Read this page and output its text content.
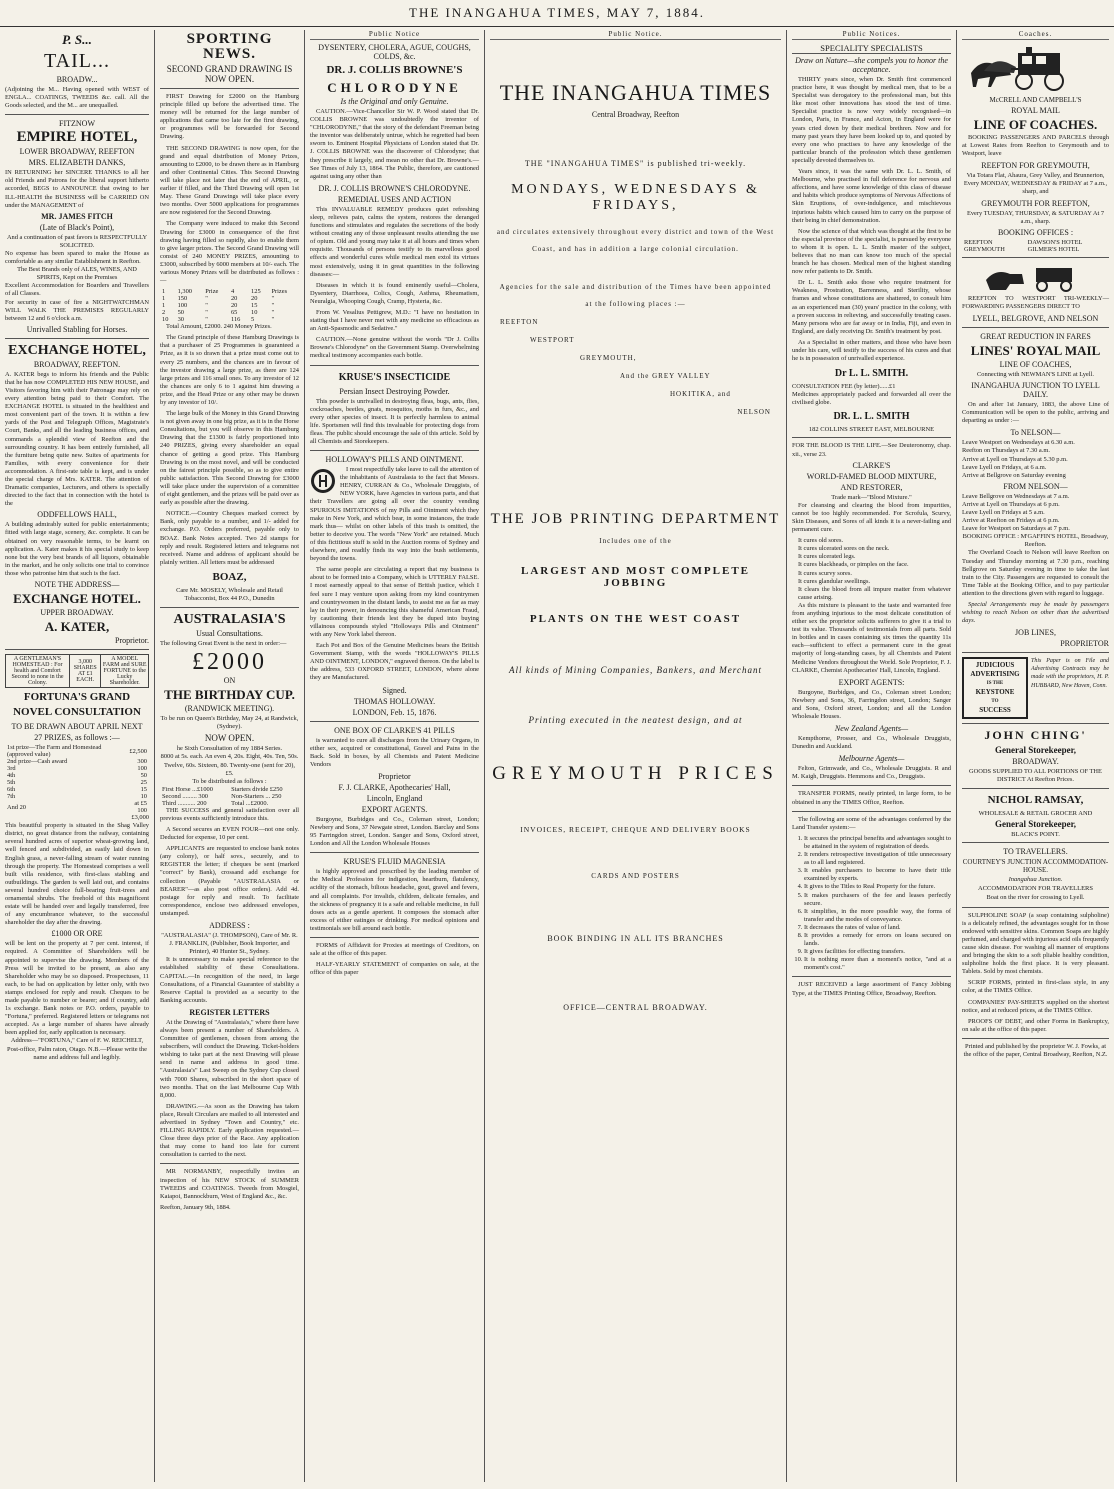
THE INANGAHUA TIMES, MAY 7, 1884.
P. S...
TAIL...
BROADW...
(Adjoining the M... Having opened with WEST of ENGLA... COATINGS, TWEEDS &c. call. All the Goods selected, and the M... are unequalled.
FITZNOW
EMPIRE HOTEL,
LOWER BROADWAY, REEFTON
MRS. ELIZABETH DANKS,
IN RETURNING her SINCERE THANKS to all her old Friends and Patrons for the liberal support hitherto accorded, BEGS to ANNOUNCE that owing to her ILL-HEALTH the BUSINESS will be CARRIED ON under the MANAGEMENT of
MR. JAMES FITCH
(Late of Black's Point),
And a continuation of past favors is RESPECTFULLY SOLICITED.
No expense has been spared to make the House as comfortable as any similar Establishment in Reefton.
The Best Brands only of ALES, WINES, AND SPIRITS, Kept on the Premises
Excellent Accommodation for Boarders and Travellers of all Classes.
For security in case of fire a NIGHTWATCHMAN WILL WALK THE PREMISES REGULARLY between 12 and 6 o'clock a.m.
Unrivalled Stabling for Horses.
EXCHANGE HOTEL,
BROADWAY, REEFTON.
A. KATER begs to inform his friends and the Public that he has now COMPLETED HIS NEW HOUSE, and Visitors favoring him with their Patronage may rely on every attention being paid to their Comfort. The EXCHANGE HOTEL is situated in the healthiest and most convenient part of the town. It is within a few yards of the Post and Telegraph Offices, Magistrate's Court, Banks, and all the leading business offices, and commands a splendid view of Reefton and the surrounding country. It has been entirely furnished, all the furniture being quite new. Suites of apartments for Families, with every convenience for their accommodation. A first-rate table is kept, and is under the special charge of Mrs. KATER. The attention of Dramatic companies, Lecturers, and others is specially directed to the fact that in connection with the hotel is the
ODDFELLOWS HALL,
A building admirably suited for public entertainments; fitted with large stage, scenery, &c. complete. It can be obtained on very reasonable terms, to be learnt on application. A. Kater makes it his special study to keep none but the very best brands of all liquors, obtainable in the market, and he only solicits one trial to convince those who patronise him that such is the fact.
NOTE THE ADDRESS—
EXCHANGE HOTEL.
UPPER BROADWAY.
A. KATER,
Proprietor.
A GENTLEMAN'S HOMESTEAD : For health and Comfort Second to none in the Colony.	3,000 SHARES AT £1 EACH.	A MODEL FARM and SURE FORTUNE to the Lucky Shareholder.
FORTUNA'S GRAND NOVEL CONSULTATION
TO BE DRAWN ABOUT APRIL NEXT
27 PRIZES, as follows :—
1st prize—The Farm and Homestead (approved value)	£2,500
2nd prize—Cash award	300
3rd	100
4th	50
5th	25
6th	15
7th	10
And 20	at £5 100
£3,000
This beautiful property is situated in the Shag Valley district, no great distance from the railway, containing several hundred acres of superior wheat-growing land, well fenced and subdivided, an easily laid down in English grass, a never-falling stream of water running through the property. The Homestead comprises a well built villa residence, with first-class stabling and outbuildings. The garden is well laid out, and contains several hundred choice full-bearing fruit-trees and ornamental shrubs. The freehold of this magnificent estate will be handed over and legally transferred, free of any encumbrance whatever, to the successful shareholder the day after the drawing.
£1000 OR ORE
will be lent on the property at 7 per cent. interest, if required. A Committee of Shareholders will be appointed to supervise the drawing. Members of the Press will be invited to be present, as also any Shareholder who may be so disposed. Prospectuses, 11 each, to be had on application by letter only, with two stamps enclosed for reply and result. Cheques to be made payable to number or bearer; and if country, add 1s exchange. Bank notes or P.O. orders, payable to "Fortuna," preferred. Registered letters or telegrams not accepted. As a large number of shares have already been applied for, early application is necessary.
Address—"FORTUNA," Care of F. W. REICHELT, Post-office, Palm raton, Otago. N.B.—Please write the name and address full and legibly.
SPORTING NEWS.
SECOND GRAND DRAWING IS NOW OPEN.

FIRST Drawing for £2000 on the Hamburg principle filled up before the advertised time. The money will be returned for the large number of applications that came too late for the first drawing, or programmes will be forwarded for Second Drawing.

THE SECOND DRAWING is now open, for the grand and equal distribution of Money Prizes, amounting to £2000, to be drawn there as in Hamburg and other Continental Cities. This Second Drawing will take place not later that the end of APRIL, or earlier if filled, and the Third Drawing will open 1st May. These Grand Drawings will take place every two months. Over 5000 applications for programmes are now registered for the Second Drawing.

The Company were induced to make this Second Drawing for £3000 in consequence of the first drawing having filled so rapidly, also to enable them to give larger prizes. The Second Grand Drawing will consist of 240 MONEY PRIZES, amounting to £3000, subscribed by 6000 members at 10/- each. The various Money Prizes will be distributed as follows :—

1	1,300	Prize	4	125	Prizes
1	150	"	20	20	"
1	100	"	20	15	"
2	50	"	65	10	"
10	30	"	116	5	"

Total Amount, £2000. 240 Money Prizes.

The Grand principle of these Hamburg Drawings is that a purchaser of 25 Programmes is guaranteed a Prize, as it is so drawn that a prize must come out to every 25 numbers, and the chances are in favour of the investor drawing a large prize, as there are 124 large prizes and 116 small ones. To any investor of 12 the chances are only 6 to 1 against him drawing a prize, and the Head Prize or any other may be drawn by any investor of 10/.

The large bulk of the Money in this Grand Drawing is not given away in one big prize, as it is in the Horse Consultations, but you will observe in this Hamburg Drawing that the £1300 is fairly proportioned into 240 PRIZES, giving every shareholder an equal chance of getting a good prize. This Hamburg Drawing is on the most novel, and will be conducted on the fairest principle possible, so as to give entire public satisfaction. This Second Drawing for £3000 will take place under the supervision of a committee of eight gentlemen, and the prizes will be paid over as early as possible after the drawing.

NOTICE.—Country Cheques marked correct by Bank, only payable to a number, and 1/- added for exchange. P.O. Orders preferred, payable only to BOAZ. Bank Notes accepted. Two 2d stamps for reply and result. Registered letters and telegrams not received. Name and address of applicant should be plainly written. All letters must be addressed

BOAZ,
Care Mr. MOSELY, Wholesale and Retail Tobacconist, Box 44 P.O., Dunedin
AUSTRALASIA'S
Usual Consultations.
The following Great Event is the next in order:—
£2000
ON
THE BIRTHDAY CUP.
(RANDWICK MEETING).
To be run on Queen's Birthday, May 24, at Randwick, (Sydney).
NOW OPEN.
he Sixth Consultation of my 1884 Series.
8000 at 5s. each. An even 4, 20s. Eight, 40s. Ten, 50s. Twelve, 60s. Sixteen, 80. Twenty-one (sent for 20), £5.
To be distributed as follows :
First Horse ...£1000	Starters divide £250
Second ......... 300	Non-Starters ... 250
Third ........... 200	Total ...£2000.

THE SUCCESS and general satisfaction over all previous events sufficiently introduce this.

A Second secures an EVEN FOUR—not one only. Deducted for expense, 10 per cent.

APPLICANTS are requested to enclose bank notes (any colony), or half sovs., securely, and to REGISTER the letter; if cheques be sent (marked "correct" by Bank), crossand add exchange for collection (Payable "AUSTRALASIA or BEARER"—as also post office orders). Add 4d. postage for reply and result. To facilitate correspondence, enclose two addressed envelopes, unstamped.

ADDRESS :
"AUSTRALASIA" (J. THOMPSON), Care of Mr. R. J. FRANKLIN, (Publisher, Book Importer, and Printer), 40 Hunter St., Sydney.

It is unnecessary to make special reference to the established stability of these Consultations. CAPITAL.—In recognition of the need, in large Consultations, of a Financial Guarantee of stability a Reserve Capital is provided as a security to the Banking accounts.

REGISTER LETTERS

At the Drawing of "Australasia's," where there have always been present a number of Shareholders. A Committee of gentlemen, chosen from among the subscribers, will conduct the Drawing. Ticket-holders wishing to take part at the next Drawing will please send in name and address in good time. "Australasia's" Last Sweep on the Sydney Cup closed with 7000 Shares, subscribed in the short space of two months. That on the last Melbourne Cup With 8,000.

DRAWING.—As soon as the Drawing has taken place, Result Circulars are mailed to all interested and advertised in Sydney "Town and Country," etc. FILLING RAPIDLY. Early application requested.—Close three days prior of the Race. Any application that may come to hand too late for current consultation is carried to the next.

MR NORMANBY, respectfully invites an inspection of his NEW STOCK of SUMMER TWEEDS and COATINGS. Tweeds from Mosgiel, Kaiapoi, Bannockburn, West of England &c., &c.

Reefton, January 9th, 1884.
Public Notice
DYSENTERY, CHOLERA, AGUE, COUGHS, COLDS, &c.
DR. J. COLLIS BROWNE'S
CHLORODYNE
Is the Original and only Genuine.

CAUTION.—Vice-Chancellor Sir W. P. Wood stated that Dr. COLLIS BROWNE was undoubtedly the inventor of "CHLORODYNE," that the story of the defendant Freeman being the inventor was deliberately untrue, which he regretted had been sworn to. Eminent Hospital Physicians of London stated that Dr. J. COLLIS BROWNE was the discoverer of Chlorodyne; that they prescribe it largely, and mean no other that Dr. Browne's.—See Times of July 13, 1864. The Public, therefore, are cautioned against using any other than

DR. J. COLLIS BROWNE'S CHLORODYNE.
REMEDIAL USES AND ACTION

This INVALUABLE REMEDY produces quiet refreshing sleep, relieves pain, calms the system, restores the deranged functions and stimulates and regulates the secretions of the body without creating any of those unpleasant results attending the use of opium. Old and young may take it at all hours and times when requisite. Thousands of persons testify to its marvellous good effects and wonderful cures while medical men extol its virtues most extensively, using it in great quantities in the following diseases:—

Diseases in which it is found eminently useful—Cholera, Dysentery, Diarrhoea, Colics, Cough, Asthma, Rheumatism, Neuralgia, Whooping Cough, Cramp, Hysteria, &c.

From W. Vesalius Pettigrew, M.D.: "I have no hesitation in stating that I have never met with any medicine so efficacious as an Anti-Spasmodic and Sedative."

CAUTION.—None genuine without the words "Dr J. Collis Browne's Chlorodyne" on the Government Stamp. Overwhelming medical testimony accompanies each bottle.

KRUSE'S INSECTICIDE
Persian Insect Destroying Powder.

This powder is unrivalled in destroying fleas, bugs, ants, flies, cockroaches, beetles, gnats, mosquitos, moths in furs, &c., and every other species of insect. It is perfectly harmless to animal life. Sportsmen will find this invaluable for protecting dogs from fleas. The public should encourage the sale of this article. Sold by all Chemists and Storekeepers.

HOLLOWAY'S PILLS AND OINTMENT.

I most respectfully take leave to call the attention of the inhabitants of Australasia to the fact that Messrs. HENRY, CURRAN & Co., Wholesale Druggists, of NEW YORK, have Agencies in various parts, and that their Travellers are going all over the country vending SPURIOUS IMITATIONS of my Pills and Ointment which they make in New York, and which bear, in some instances, the trade mark thus— whilst on other labels of this trash is omitted, the better to deceive you. The words "New York" are retained. Much of this fictitious stuff is sold in the Auction rooms of Sydney and elsewhere, and readily finds its way into the bush settlements, beyond the towns.

The same people are circulating a report that my business is about to be formed into a Company, which is UTTERLY FALSE. I most earnestly appeal to that sense of British justice, which I feel sure I may venture upon asking from my kind countrymen and countrywomen in the distant lands, to assist me as far as may lay in their power, in denouncing this shameful American Fraud, by cautioning their friends lest they be duped into buying villainous compounds styled "Holloways Pills and Ointment" with any New York label thereon.

Each Pot and Box of the Genuine Medicines bears the British Government Stamp, with the words "HOLLOWAY'S PILLS AND OINTMENT, LONDON," engraved thereon. On the label is the address, 533 OXFORD STREET, LONDON, where alone they are Manufactured.

Signed.
THOMAS HOLLOWAY.
LONDON, Feb. 15, 1876.
ONE BOX OF CLARKE'S 41 PILLS

is warranted to cure all discharges from the Urinary Organs, in either sex, acquired or constitutional, Gravel and Pains in the Back. Sold in boxes, by all Chemists and Patent Medicine Vendors

Proprietor
F. J. CLARKE, Apothecaries' Hall,
Lincoln, England
EXPORT AGENTS.

Burgoyne, Burbidges and Co., Coleman street, London; Newbery and Sons, 37 Newgate street, London. Barclay and Sons 95 Farringdon street, London. Sanger and Sons, Oxford street, London and All the London Wholesale Houses

KRUSE'S FLUID MAGNESIA

is highly approved and prescribed by the leading member of the Medical Profession for indigestion, heartburn, flatulency, acidity of the stomach, bilious headache, gout, gravel and fevers, and all complaints. For invalids, children, delicate females, and the sickness of pregnancy it is a safe and reliable medicine, in full doses acts as a gentle aperient. It composes the stomach after excess of either eatinges or drinking. For medical opinions and testimonials see bill around each bottle.

FORMS of Affidavit for Proxies at meetings of Creditors, on sale at the office of this paper.

HALF-YEARLY STATEMENT of companies on sale, at the office of this paper

Public Notice.
THE INANGAHUA TIMES
Central Broadway, Reefton
THE "INANGAHUA TIMES" is published tri-weekly.
MONDAYS, WEDNESDAYS & FRIDAYS,
and circulates extensively throughout every district and town of the West
Coast, and has in addition a large colonial circulation.
Agencies for the sale and distribution of the Times have been appointed
at the following places :—
REEFTON
WESTPORT
GREYMOUTH,
And the GREY VALLEY
HOKITIKA, and
NELSON
THE JOB PRINTING DEPARTMENT
Includes one of the
LARGEST AND MOST COMPLETE JOBBING
PLANTS ON THE WEST COAST
All kinds of Mining Companies, Bankers, and Merchant
Printing executed in the neatest design, and at
GREYMOUTH PRICES
INVOICES, RECEIPT, CHEQUE AND DELIVERY BOOKS
CARDS AND POSTERS
BOOK BINDING IN ALL ITS BRANCHES
OFFICE—CENTRAL BROADWAY.
Public Notices.
SPECIALITY SPECIALISTS
Draw on Nature—she compels you to honor the acceptance.

THIRTY years since, when Dr. Smith first commenced practice here, it was thought by medical men, that to be a Specialist was derogatory to the professional man, but this like most other innovations has stood the test of time. Specialist practice is now very widely recognised—in London, Paris, in France, and Acton, in England were for years cried down by their medical brethren. Now and for many past years they have been looked up to, and quoted by every one who practises to have any knowledge of the particular branch of the profession which these gentlemen specially devoted themselves to.

Years since, it was the same with Dr. L. L. Smith, of Melbourne, who practised in full deference for nervous and affections, and have some knowledge of this class of disease and habits which produce symptoms of Nervous Affections of Skin Eruptions, of over-indulgence, and mischievous injurious habits which caused him to carry on the purpose of their being in chief demonstration.

Now the science of that which was thought at the first to be the especial province of the specialist, is pursued by everyone to whom it is open. L. L. Smith master of the subject, believes that no man can know too much of the special branch he has chosen. Medical men of the highest standing now refer patients to Dr. Smith.

Dr L. L. Smith asks those who require treatment for Weakness, Prostration, Barrenness, and Sterility, whose frames and whose constitutions are shattered, to consult him as an experienced man (30) years' practice in the colony, with a proven success in relieving, and successfully treating cases. Many persons who are far away or in India, Fiji, and even in England, are daily receiving Dr. Smith's treatment by post.

As a Specialist in other matters, and those who have been under his care, will testify to the success of his cures and that he is in possession of unrivalled experience.

Dr L. L. SMITH.
CONSULTATION FEE (by letter)......£1
Medicines appropriately packed and forwarded all over the civilised globe.
DR. L. L. SMITH
182 COLLINS STREET EAST, MELBOURNE
FOR THE BLOOD IS THE LIFE.—See Deuteronomy, chap. xii., verse 23.
CLARKE'S
WORLD-FAMED BLOOD MIXTURE,
AND RESTORER,
Trade mark—"Blood Mixture."

For cleansing and clearing the blood from impurities, cannot be too highly recommended. For Scrofula, Scurvy, Skin Diseases, and Sores of all kinds it is a never-failing and permanent cure.

It cures old sores.
It cures ulcerated sores on the neck.
It cures ulcerated legs.
It cures blackheads, or pimples on the face.
It cures scurvy sores.
It cures glandular swellings.
It clears the blood from all impure matter from whatever cause arising.

As this mixture is pleasant to the taste and warranted free from anything injurious to the most delicate constitution of either sex the proprietor solicits sufferers to give it a trial to test its value. Thousands of testimonials from all parts. Sold in bottles and in cases containing six times the quantity 11s each—sufficient to effect a permanent cure in the great majority of long-standing cases, by all Chemists and Patent Medicine Vendors throughout the World. Sole Proprietor, F. J. CLARKE, Chemist Apothecaries' Hall, Lincoln, England.

EXPORT AGENTS:

Burgoyne, Burbidges, and Co., Coleman street London; Newbery and Sons, 36, Farringdon street, London; Sanger and Sons, Oxford street, London; and all the London Wholesale Houses.

New Zealand Agents—

Kempthorne, Prosser, and Co., Wholesale Druggists, Dunedin and Auckland.

Melbourne Agents—

Felton, Grimwade, and Co., Wholesale Druggists. R and M. Kaigh, Druggists. Hemmons and Co., Druggists.

TRANSFER FORMS, neatly printed, in large form, to be obtained in any the TIMES Office, Reefton.

The following are some of the advantages conferred by the Land Transfer system:—

1. It secures the principal benefits and advantages sought to be attained in the system of registration of deeds.
2. It renders retrospective investigation of title unnecessary as to all land registered.
3. It enables purchasers to become to have their title examined by experts.
4. It gives to the Titles to Real Property for the future.
5. It makes purchasers of the fee and leases perfectly secure.
6. It simplifies, in the more possible way, the forms of transfer and the modes of conveyance.
7. It decreases the rates of value of land.
8. It provides a remedy for errors on loans secured on lands.
9. It gives facilities for effecting transfers.
10. It is nothing more than a moment's notice, "and at a moment's cost."

JUST RECEIVED a large assortment of Fancy Jobbing Type, at the TIMES Printing Office, Broadway, Reefton.

Coaches.
McCRELL AND CAMPBELL'S
ROYAL MAIL
LINE OF COACHES.

BOOKING PASSENGERS AND PARCELS through at Lowest Rates from Reefton to Greymouth and to Westport, leave

REEFTON FOR GREYMOUTH,
Via Totara Flat, Ahaura, Grey Valley, and Brunnerton,
Every MONDAY, WEDNESDAY & FRIDAY at 7 a.m., sharp, and
GREYMOUTH FOR REEFTON,
Every TUESDAY, THURSDAY, & SATURDAY At 7 a.m., sharp.
BOOKING OFFICES :
REEFTON	DAWSON'S HOTEL
GREYMOUTH	GILMER'S HOTEL

REEFTON TO WESTPORT TRI-WEEKLY—FORWARDING PASSENGERS DIRECT TO

LYELL, BELGROVE, AND NELSON
GREAT REDUCTION IN FARES
LINES' ROYAL MAIL
LINE OF COACHES,
Connecting with NEWMAN'S LINE at Lyell.
INANGAHUA JUNCTION TO LYELL DAILY.

On and after 1st January, 1883, the above Line of Communication will be open to the public, arriving and departing as under :—

To NELSON—
Leave Westport on Wednesdays at 6.30 a.m.
Reefton on Thursdays at 7.30 a.m.
Arrive at Lyell on Thursdays at 5.30 p.m.
Leave Lyell on Fridays, at 6 a.m.
Arrive at Bellgrove on Saturday evening
FROM NELSON—
Leave Bellgrove on Wednesdays at 7 a.m.
Arrive at Lyell on Thursdays at 6 p.m.
Leave Lyell on Fridays at 5 a.m.
Arrive at Reefton on Fridays at 6 p.m.
Leave for Westport on Saturdays at 7 p.m.
BOOKING OFFICE : M'GAFFIN'S HOTEL, Broadway, Reefton.

The Overland Coach to Nelson will leave Reefton on Tuesday and Thursday morning at 7.30 p.m., reaching Bellgrove on Saturday evening in time to take the last train to the City. Passengers are requested to consult the Time Table at the Booking Office, and to pay particular attention to the directions given with regard to luggage.

Special Arrangements may be made by passengers wishing to reach Nelson on other than the advertised days.

JOB LINES,
PROPRIETOR
JUDICIOUS
ADVERTISING
IS THE
KEYSTONE
TO
SUCCESS
This Paper is on File and Advertising Contracts may be made with the proprietors, H. P. HUBBARD, New Haven, Conn.
JOHN CHING'
General Storekeeper,
BROADWAY.
GOODS SUPPLIED TO ALL PORTIONS OF THE DISTRICT At Reefton Prices.
NICHOL RAMSAY,
WHOLESALE & RETAIL GROCER AND
General Storekeeper,
BLACK'S POINT.
TO TRAVELLERS.
COURTNEY'S JUNCTION ACCOMMODATION-HOUSE.
Inangahua Junction.
ACCOMMODATION FOR TRAVELLERS
Boat on the river for crossing to Lyell.

SULPHOLINE SOAP (a soap containing sulpholine) is a delicately refined, the advantages sought for in those endowed with sensitive skins. Common Soaps are highly perfumed, and charged with injurious acid oils frequently cause skin disease. For washing all manner of eruptions and bringing the skin to a soft pliable healthy condition, sulpholine holds the first place. It is very pleasant. Tablets. Sold by most chemists.

SCRIP FORMS, printed in first-class style, in any color, at the TIMES Office.

COMPANIES' PAY-SHEETS supplied on the shortest notice, and at reduced prices, at the TIMES Office.

PROOFS OF DEBT, and other Forms in Bankruptcy, on sale at the office of this paper.

Printed and published by the proprietor W. J. Fowks, at the office of the paper, Central Broadway, Reefton, N.Z.
